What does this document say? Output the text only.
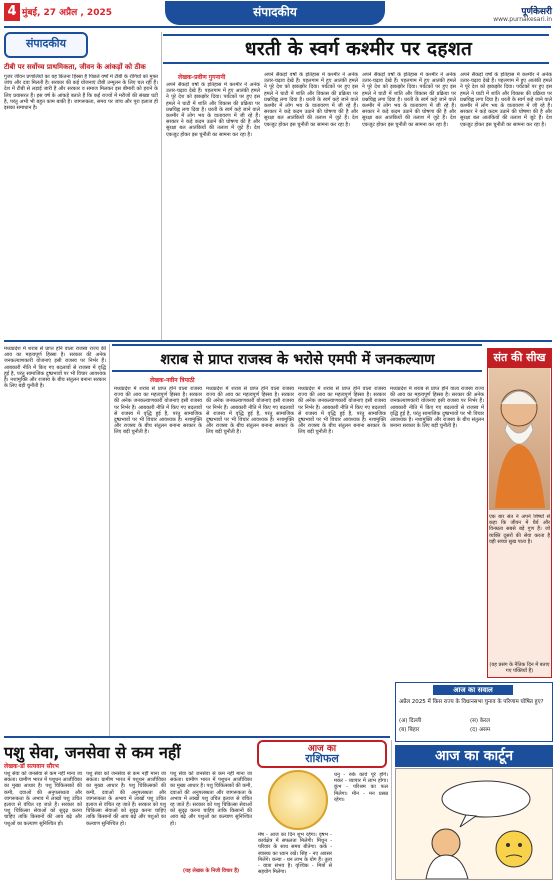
4 मुंबई, 27 अप्रैल , 2025	संपादकीय	पूर्णकेसरी
www.purnakesari.in
संपादकीय
टीबी पर सर्वोच्च प्राथमिकता, जीवन के आंकड़ों को ठीक
गुजर जीवन प्रणालियों का यह कितना हिस्सा है पिछले वर्षों में टीबी के रोगियों को मुफ्त जांच और दवा मिलती है। सरकार की कई योजनाएं टीबी उन्मूलन के लिए चल रही हैं। देश में टीबी से लड़ाई जारी है और सरकार व समाज मिलकर इस बीमारी को हराने के लिए प्रयासरत हैं। इस वर्ष के आंकड़े बताते हैं कि कई राज्यों में मरीजों की संख्या घटी है, परंतु अभी भी बहुत काम बाकी है। जागरूकता, समय पर जांच और पूरा इलाज ही इसका समाधान है।
धरती के स्वर्ग कश्मीर पर दहशत
लेखक-प्रवीण गुगनानी
अपने सैकड़ों वर्षों के इतिहास में कश्मीर ने अनेक उतार-चढ़ाव देखे हैं। पहलगाम में हुए आतंकी हमले ने पूरे देश को झकझोर दिया। पर्यटकों पर हुए इस हमले ने घाटी में शांति और विकास की प्रक्रिया पर प्रश्नचिह्न लगा दिया है। धरती के स्वर्ग कहे जाने वाले कश्मीर में लोग भय के वातावरण में जी रहे हैं। सरकार ने कड़े कदम उठाने की घोषणा की है और सुरक्षा बल आतंकियों की तलाश में जुटे हैं। देश एकजुट होकर इस चुनौती का सामना कर रहा है।
अपने सैकड़ों वर्षों के इतिहास में कश्मीर ने अनेक उतार-चढ़ाव देखे हैं। पहलगाम में हुए आतंकी हमले ने पूरे देश को झकझोर दिया। पर्यटकों पर हुए इस हमले ने घाटी में शांति और विकास की प्रक्रिया पर प्रश्नचिह्न लगा दिया है। धरती के स्वर्ग कहे जाने वाले कश्मीर में लोग भय के वातावरण में जी रहे हैं। सरकार ने कड़े कदम उठाने की घोषणा की है और सुरक्षा बल आतंकियों की तलाश में जुटे हैं। देश एकजुट होकर इस चुनौती का सामना कर रहा है।
अपने सैकड़ों वर्षों के इतिहास में कश्मीर ने अनेक उतार-चढ़ाव देखे हैं। पहलगाम में हुए आतंकी हमले ने पूरे देश को झकझोर दिया। पर्यटकों पर हुए इस हमले ने घाटी में शांति और विकास की प्रक्रिया पर प्रश्नचिह्न लगा दिया है। धरती के स्वर्ग कहे जाने वाले कश्मीर में लोग भय के वातावरण में जी रहे हैं। सरकार ने कड़े कदम उठाने की घोषणा की है और सुरक्षा बल आतंकियों की तलाश में जुटे हैं। देश एकजुट होकर इस चुनौती का सामना कर रहा है।
अपने सैकड़ों वर्षों के इतिहास में कश्मीर ने अनेक उतार-चढ़ाव देखे हैं। पहलगाम में हुए आतंकी हमले ने पूरे देश को झकझोर दिया। पर्यटकों पर हुए इस हमले ने घाटी में शांति और विकास की प्रक्रिया पर प्रश्नचिह्न लगा दिया है। धरती के स्वर्ग कहे जाने वाले कश्मीर में लोग भय के वातावरण में जी रहे हैं। सरकार ने कड़े कदम उठाने की घोषणा की है और सुरक्षा बल आतंकियों की तलाश में जुटे हैं। देश एकजुट होकर इस चुनौती का सामना कर रहा है।
शराब से प्राप्त राजस्व के भरोसे एमपी में जनकल्याण
लेखक-नवीन त्रिपाठी
मध्यप्रदेश में शराब से प्राप्त होने वाला राजस्व राज्य की आय का महत्वपूर्ण हिस्सा है। सरकार की अनेक जनकल्याणकारी योजनाएं इसी राजस्व पर निर्भर हैं। आबकारी नीति में किए गए बदलावों से राजस्व में वृद्धि हुई है, परंतु सामाजिक दुष्प्रभावों पर भी विचार आवश्यक है। नशामुक्ति और राजस्व के बीच संतुलन बनाना सरकार के लिए बड़ी चुनौती है।	मध्यप्रदेश में शराब से प्राप्त होने वाला राजस्व राज्य की आय का महत्वपूर्ण हिस्सा है। सरकार की अनेक जनकल्याणकारी योजनाएं इसी राजस्व पर निर्भर हैं। आबकारी नीति में किए गए बदलावों से राजस्व में वृद्धि हुई है, परंतु सामाजिक दुष्प्रभावों पर भी विचार आवश्यक है। नशामुक्ति और राजस्व के बीच संतुलन बनाना सरकार के लिए बड़ी चुनौती है।
मध्यप्रदेश में शराब से प्राप्त होने वाला राजस्व राज्य की आय का महत्वपूर्ण हिस्सा है। सरकार की अनेक जनकल्याणकारी योजनाएं इसी राजस्व पर निर्भर हैं। आबकारी नीति में किए गए बदलावों से राजस्व में वृद्धि हुई है, परंतु सामाजिक दुष्प्रभावों पर भी विचार आवश्यक है। नशामुक्ति और राजस्व के बीच संतुलन बनाना सरकार के लिए बड़ी चुनौती है।
मध्यप्रदेश में शराब से प्राप्त होने वाला राजस्व राज्य की आय का महत्वपूर्ण हिस्सा है। सरकार की अनेक जनकल्याणकारी योजनाएं इसी राजस्व पर निर्भर हैं। आबकारी नीति में किए गए बदलावों से राजस्व में वृद्धि हुई है, परंतु सामाजिक दुष्प्रभावों पर भी विचार आवश्यक है। नशामुक्ति और राजस्व के बीच संतुलन बनाना सरकार के लिए बड़ी चुनौती है।
मध्यप्रदेश में शराब से प्राप्त होने वाला राजस्व राज्य की आय का महत्वपूर्ण हिस्सा है। सरकार की अनेक जनकल्याणकारी योजनाएं इसी राजस्व पर निर्भर हैं। आबकारी नीति में किए गए बदलावों से राजस्व में वृद्धि हुई है, परंतु सामाजिक दुष्प्रभावों पर भी विचार आवश्यक है। नशामुक्ति और राजस्व के बीच संतुलन बनाना सरकार के लिए बड़ी चुनौती है।
संत की सीख
एक बार संत ने अपने शिष्यों से कहा कि जीवन में धैर्य और विनम्रता सबसे बड़े गुण हैं। जो व्यक्ति दूसरों की सेवा करता है वही सच्चा सुख पाता है।
(यह प्रसंग के नैतिक दिन में बताए गए पंक्तियाँ हैं)
आज का सवाल
अप्रैल 2025 में किस राज्य के विधानसभा चुनाव के परिणाम घोषित हुए?
(अ) दिल्ली
(ब) बिहार
(स) केरल
(द) असम
आज का कार्टून
पशु सेवा, जनसेवा से कम नहीं
लेखक-डॉ सत्यवान सौरभ
पशु सेवा को जनसेवा से कम नहीं माना जा सकता। ग्रामीण भारत में पशुधन आजीविका का मुख्य आधार है। पशु चिकित्सकों की कमी, दवाओं की अनुपलब्धता और जागरूकता के अभाव में लाखों पशु उचित इलाज से वंचित रह जाते हैं। सरकार को पशु चिकित्सा सेवाओं को सुदृढ़ करना चाहिए ताकि किसानों की आय बढ़े और पशुओं का कल्याण सुनिश्चित हो।
पशु सेवा को जनसेवा से कम नहीं माना जा सकता। ग्रामीण भारत में पशुधन आजीविका का मुख्य आधार है। पशु चिकित्सकों की कमी, दवाओं की अनुपलब्धता और जागरूकता के अभाव में लाखों पशु उचित इलाज से वंचित रह जाते हैं। सरकार को पशु चिकित्सा सेवाओं को सुदृढ़ करना चाहिए ताकि किसानों की आय बढ़े और पशुओं का कल्याण सुनिश्चित हो।
पशु सेवा को जनसेवा से कम नहीं माना जा सकता। ग्रामीण भारत में पशुधन आजीविका का मुख्य आधार है। पशु चिकित्सकों की कमी, दवाओं की अनुपलब्धता और जागरूकता के अभाव में लाखों पशु उचित इलाज से वंचित रह जाते हैं। सरकार को पशु चिकित्सा सेवाओं को सुदृढ़ करना चाहिए ताकि किसानों की आय बढ़े और पशुओं का कल्याण सुनिश्चित हो।
(यह लेखक के निजी विचार हैं)
आज का
राशिफल
मेष - आज का दिन शुभ रहेगा। वृषभ - कार्यक्षेत्र में सफलता मिलेगी। मिथुन - परिवार के साथ समय बीतेगा। कर्क - स्वास्थ्य का ध्यान रखें। सिंह - नए अवसर मिलेंगे। कन्या - धन लाभ के योग हैं। तुला - यात्रा संभव है। वृश्चिक - मित्रों से सहयोग मिलेगा।
धनु - रुके कार्य पूरे होंगे। मकर - व्यापार में लाभ होगा। कुंभ - परिश्रम का फल मिलेगा। मीन - मन प्रसन्न रहेगा।
